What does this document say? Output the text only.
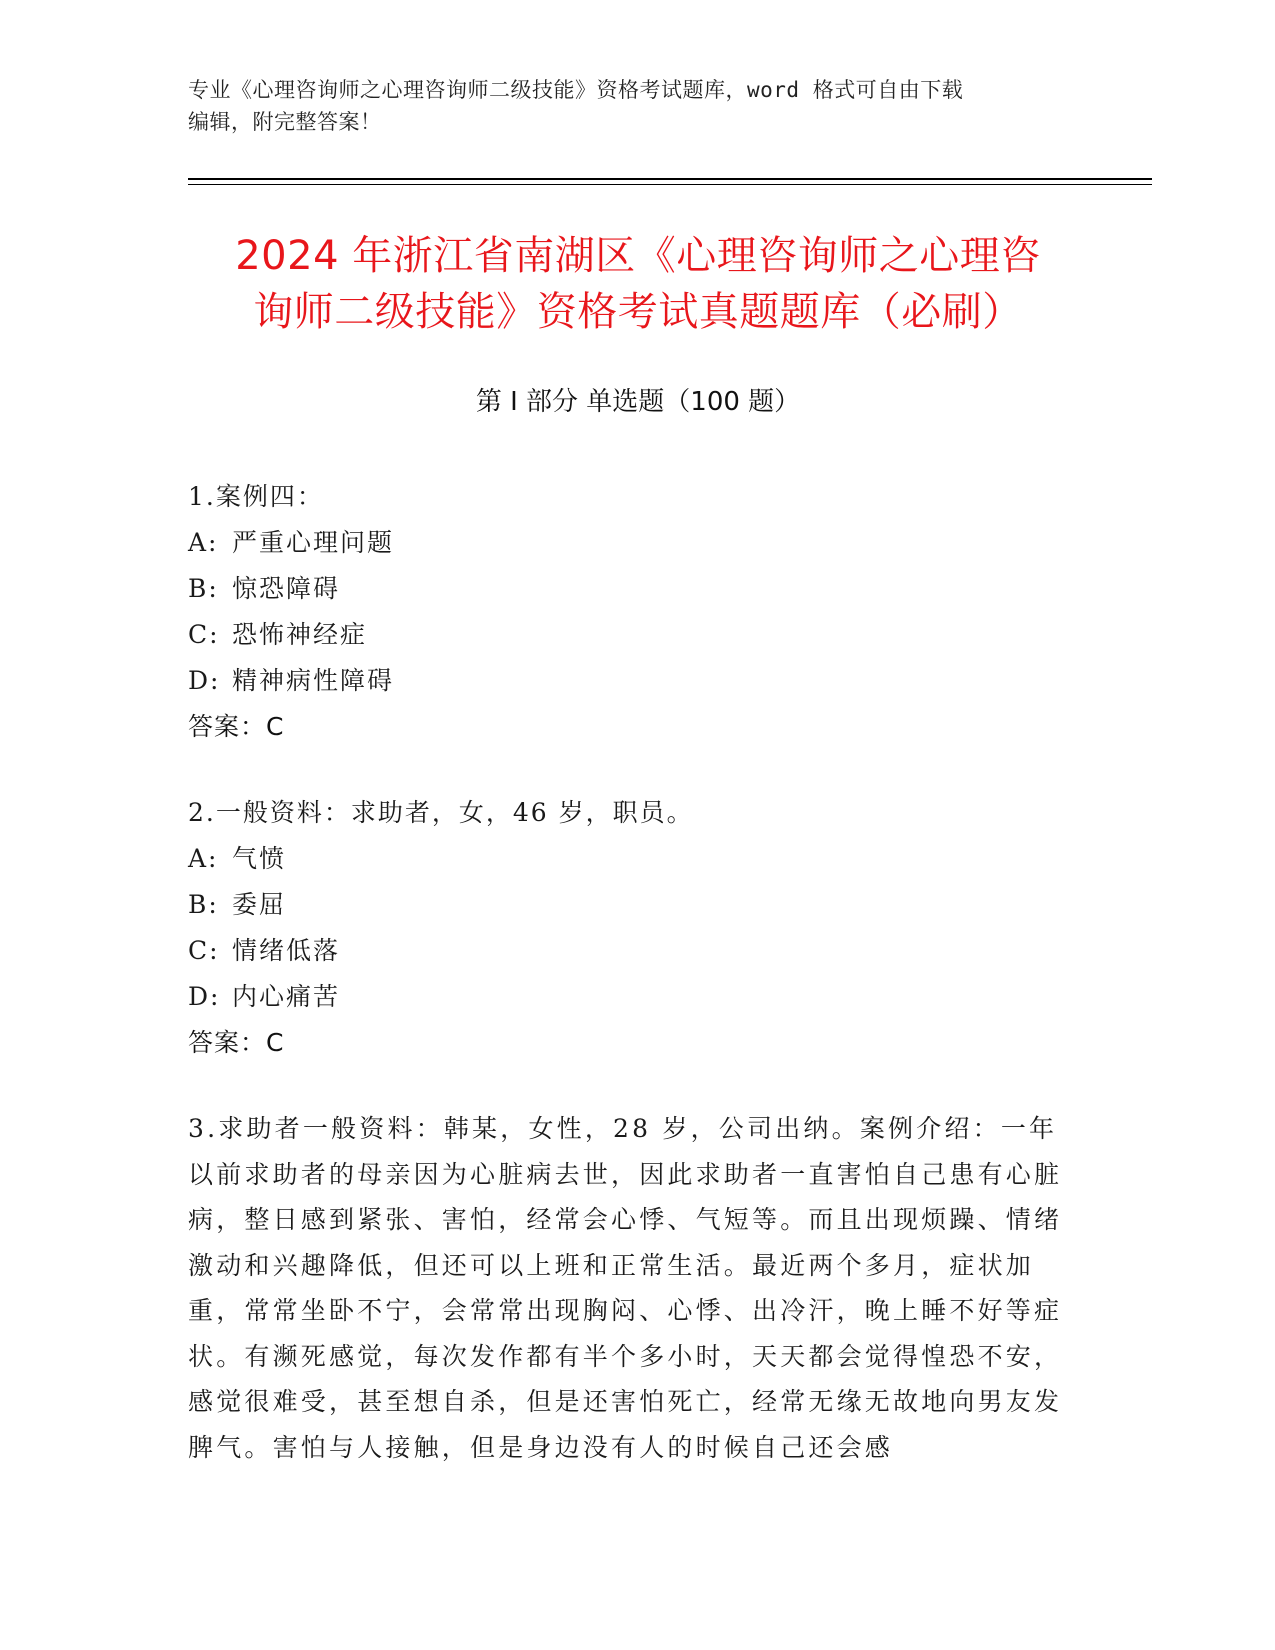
专业《心理咨询师之心理咨询师二级技能》资格考试题库，word 格式可自由下载
编辑，附完整答案！
2024 年浙江省南湖区《心理咨询师之心理咨
询师二级技能》资格考试真题题库（必刷）
第 I 部分 单选题（100 题）
1.案例四：
A: 严重心理问题
B: 惊恐障碍
C: 恐怖神经症
D: 精神病性障碍
答案：C
2.一般资料：求助者，女，46 岁，职员。
A: 气愤
B: 委屈
C: 情绪低落
D: 内心痛苦
答案：C
3.求助者一般资料：韩某，女性，28 岁，公司出纳。案例介绍：一年以前求助者的母亲因为心脏病去世，因此求助者一直害怕自己患有心脏病，整日感到紧张、害怕，经常会心悸、气短等。而且出现烦躁、情绪激动和兴趣降低，但还可以上班和正常生活。最近两个多月，症状加重，常常坐卧不宁，会常常出现胸闷、心悸、出冷汗，晚上睡不好等症状。有濒死感觉，每次发作都有半个多小时，天天都会觉得惶恐不安，感觉很难受，甚至想自杀，但是还害怕死亡，经常无缘无故地向男友发脾气。害怕与人接触，但是身边没有人的时候自己还会感
